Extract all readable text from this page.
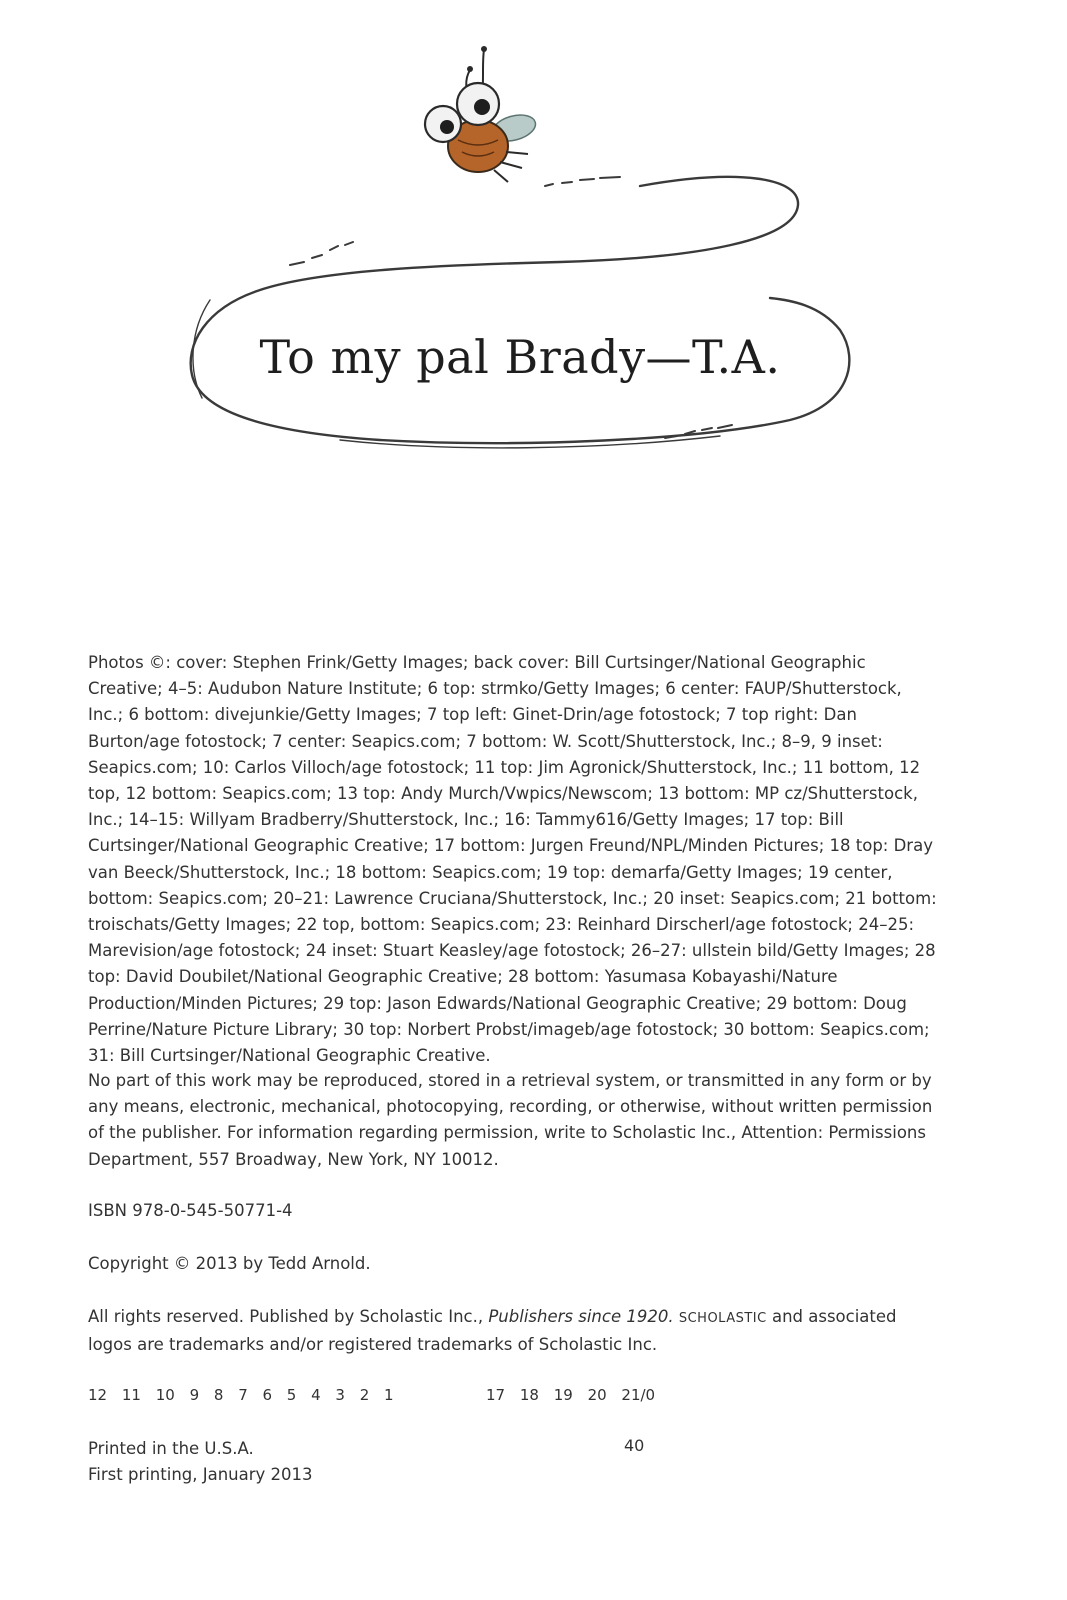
To my pal Brady—T.A.

Photos ©: cover: Stephen Frink/Getty Images; back cover: Bill Curtsinger/National Geographic Creative; 4–5: Audubon Nature Institute; 6 top: strmko/Getty Images; 6 center: FAUP/Shutterstock, Inc.; 6 bottom: divejunkie/Getty Images; 7 top left: Ginet-Drin/age fotostock; 7 top right: Dan Burton/age fotostock; 7 center: Seapics.com; 7 bottom: W. Scott/Shutterstock, Inc.; 8–9, 9 inset: Seapics.com; 10: Carlos Villoch/age fotostock; 11 top: Jim Agronick/Shutterstock, Inc.; 11 bottom, 12 top, 12 bottom: Seapics.com; 13 top: Andy Murch/Vwpics/Newscom; 13 bottom: MP cz/Shutterstock, Inc.; 14–15: Willyam Bradberry/Shutterstock, Inc.; 16: Tammy616/Getty Images; 17 top: Bill Curtsinger/National Geographic Creative; 17 bottom: Jurgen Freund/NPL/Minden Pictures; 18 top: Dray van Beeck/Shutterstock, Inc.; 18 bottom: Seapics.com; 19 top: demarfa/Getty Images; 19 center, bottom: Seapics.com; 20–21: Lawrence Cruciana/Shutterstock, Inc.; 20 inset: Seapics.com; 21 bottom: troischats/Getty Images; 22 top, bottom: Seapics.com; 23: Reinhard Dirscherl/age fotostock; 24–25: Marevision/age fotostock; 24 inset: Stuart Keasley/age fotostock; 26–27: ullstein bild/Getty Images; 28 top: David Doubilet/National Geographic Creative; 28 bottom: Yasumasa Kobayashi/Nature Production/Minden Pictures; 29 top: Jason Edwards/National Geographic Creative; 29 bottom: Doug Perrine/Nature Picture Library; 30 top: Norbert Probst/imageb/age fotostock; 30 bottom: Seapics.com; 31: Bill Curtsinger/National Geographic Creative.

No part of this work may be reproduced, stored in a retrieval system, or transmitted in any form or by any means, electronic, mechanical, photocopying, recording, or otherwise, without written permission of the publisher. For information regarding permission, write to Scholastic Inc., Attention: Permissions Department, 557 Broadway, New York, NY 10012.

ISBN 978-0-545-50771-4

Copyright © 2013 by Tedd Arnold.

All rights reserved. Published by Scholastic Inc., Publishers since 1920. SCHOLASTIC and associated logos are trademarks and/or registered trademarks of Scholastic Inc.

12 11 10 9 8 7 6 5 4 3 2 1	17 18 19 20 21/0

Printed in the U.S.A.	40

First printing, January 2013
